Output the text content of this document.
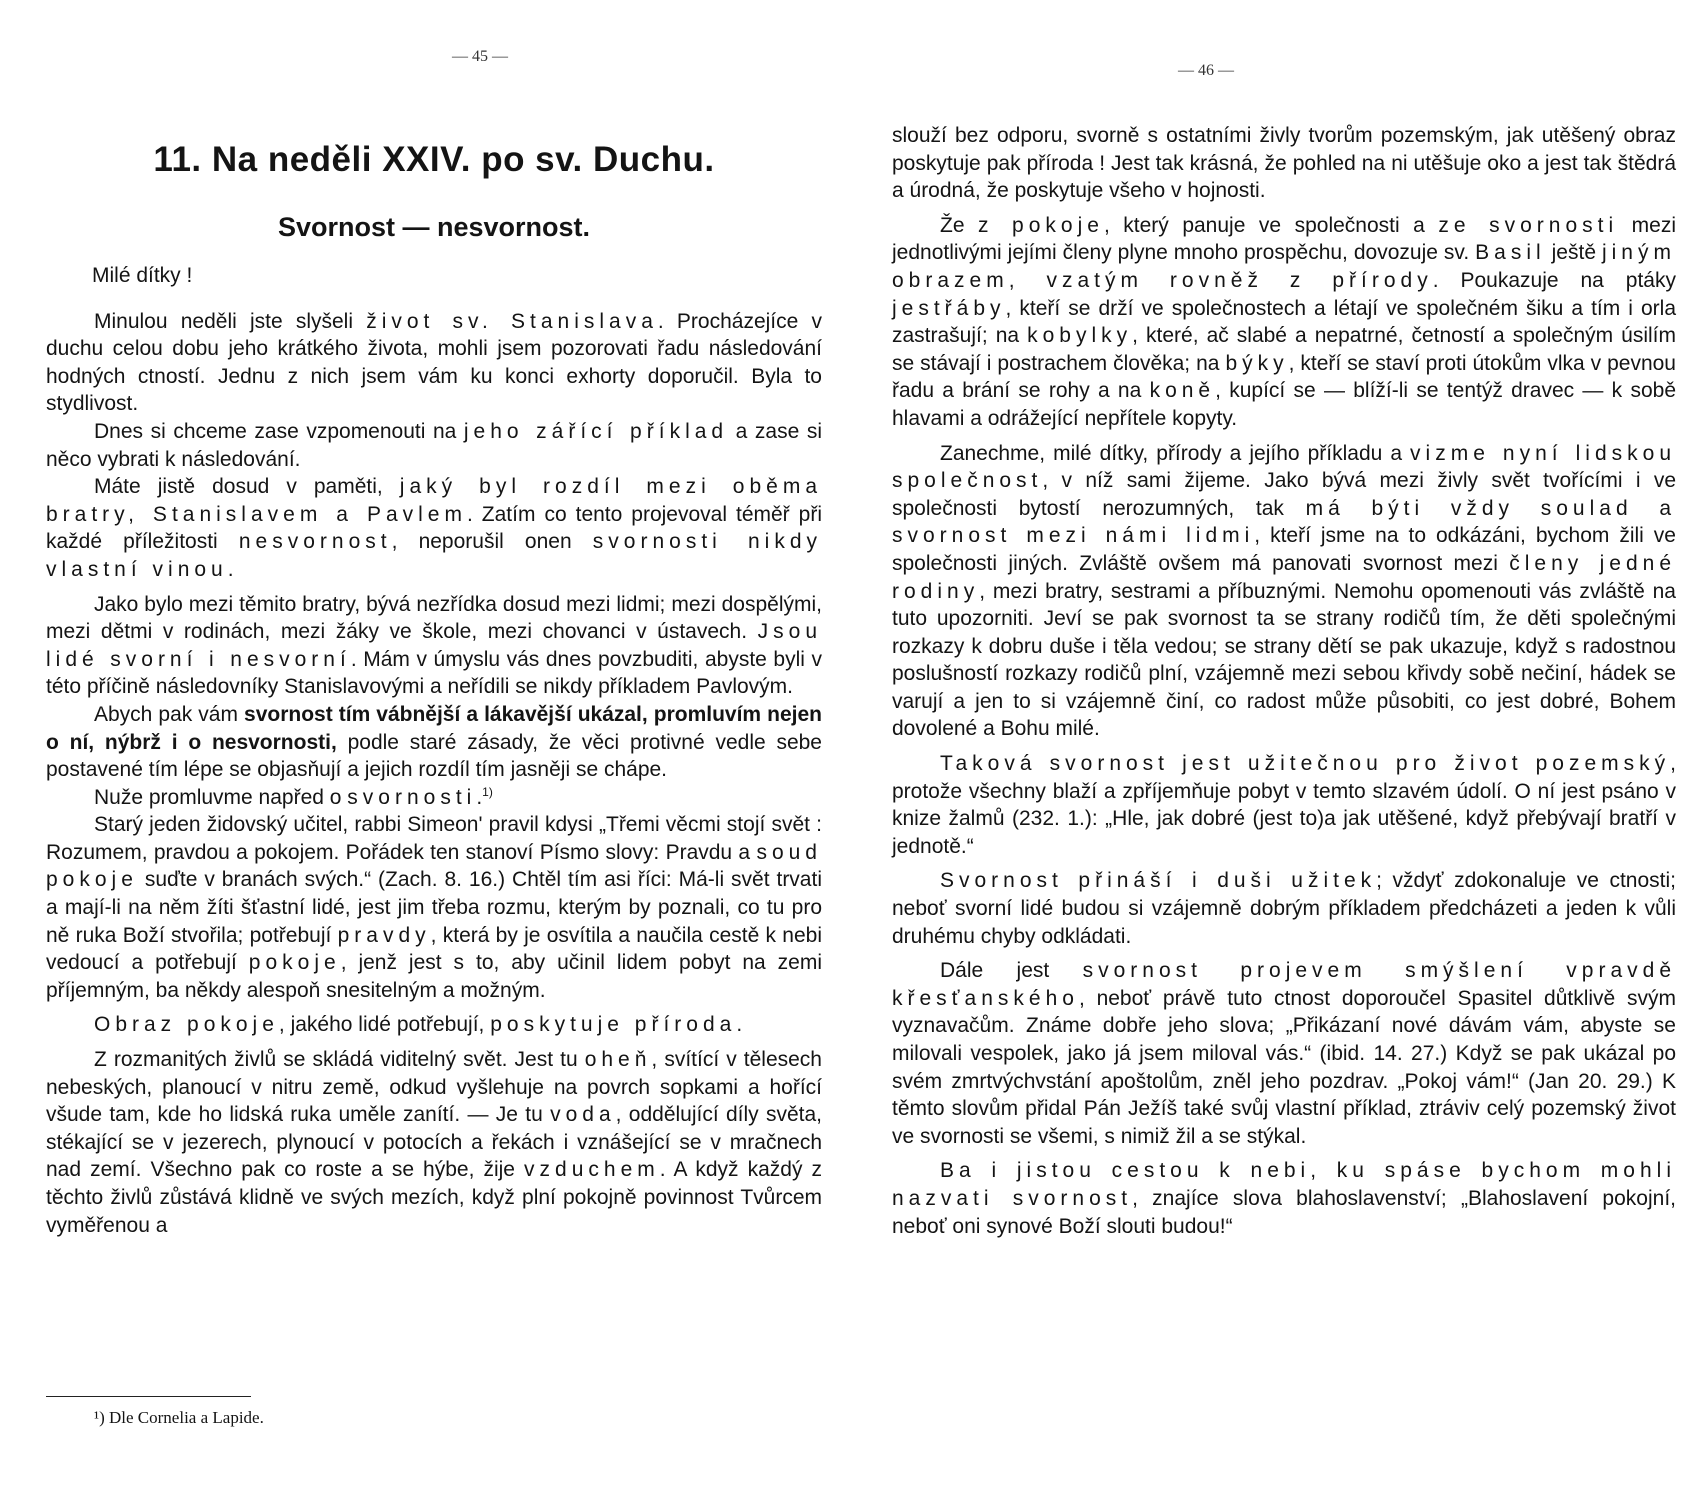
— 45 —
11. Na neděli XXIV. po sv. Duchu.
Svornost — nesvornost.

Milé dítky !

Minulou neděli jste slyšeli život sv. Stanislava. Procházejíce v duchu celou dobu jeho krátkého života, mohli jsem pozorovati řadu následování hodných ctností. Jednu z nich jsem vám ku konci exhorty doporučil. Byla to stydlivost.

Dnes si chceme zase vzpomenouti na jeho zářící příklad a zase si něco vybrati k následování.

Máte jistě dosud v paměti, jaký byl rozdíl mezi oběma bratry, Stanislavem a Pavlem. Zatím co tento projevoval téměř při každé příležitosti nesvornost, neporušil onen svornosti nikdy vlastní vinou.

Jako bylo mezi těmito bratry, bývá nezřídka dosud mezi lidmi; mezi dospělými, mezi dětmi v rodinách, mezi žáky ve škole, mezi chovanci v ústavech. Jsou lidé svorní i nesvorní. Mám v úmyslu vás dnes povzbuditi, abyste byli v této příčině následovníky Stanislavovými a neřídili se nikdy příkladem Pavlovým.

Abych pak vám svornost tím vábnější a lákavější ukázal, promluvím nejen o ní, nýbrž i o nesvornosti, podle staré zásady, že věci protivné vedle sebe postavené tím lépe se objasňují a jejich rozdíl tím jasněji se chápe.

Nuže promluvme napřed o svornosti.$^{1)}$

Starý jeden židovský učitel, rabbi Simeon' pravil kdysi „Třemi věcmi stojí svět : Rozumem, pravdou a pokojem. Pořádek ten stanoví Písmo slovy: Pravdu a soud pokoje suďte v branách svých.“ (Zach. 8. 16.) Chtěl tím asi říci: Má-li svět trvati a mají-li na něm žíti šťastní lidé, jest jim třeba rozmu, kterým by poznali, co tu pro ně ruka Boží stvořila; potřebují pravdy, která by je osvítila a naučila cestě k nebi vedoucí a potřebují pokoje, jenž jest s to, aby učinil lidem pobyt na zemi příjemným, ba někdy alespoň snesitelným a možným.

Obraz pokoje, jakého lidé potřebují, poskytuje příroda.

Z rozmanitých živlů se skládá viditelný svět. Jest tu oheň, svítící v tělesech nebeských, planoucí v nitru země, odkud vyšlehuje na povrch sopkami a hořící všude tam, kde ho lidská ruka uměle zanítí. — Je tu voda, oddělující díly světa, stékající se v jezerech, plynoucí v potocích a řekách i vznášející se v mračnech nad zemí. Všechno pak co roste a se hýbe, žije vzduchem. A když každý z těchto živlů zůstává klidně ve svých mezích, když plní pokojně povinnost Tvůrcem vyměřenou a

¹) Dle Cornelia a Lapide.
— 46 —

slouží bez odporu, svorně s ostatními živly tvorům pozemským, jak utěšený obraz poskytuje pak příroda ! Jest tak krásná, že pohled na ni utěšuje oko a jest tak štědrá a úrodná, že poskytuje všeho v hojnosti.

Že z pokoje, který panuje ve společnosti a ze svornosti mezi jednotlivými jejími členy plyne mnoho prospěchu, dovozuje sv. Basil ještě jiným obrazem, vzatým rovněž z přírody. Poukazuje na ptáky jestřáby, kteří se drží ve společnostech a létají ve společném šiku a tím i orla zastrašují; na kobylky, které, ač slabé a nepatrné, četností a společným úsilím se stávají i postrachem člověka; na býky, kteří se staví proti útokům vlka v pevnou řadu a brání se rohy a na koně, kupící se — blíží-li se tentýž dravec — k sobě hlavami a odrážející nepřítele kopyty.

Zanechme, milé dítky, přírody a jejího příkladu a vizme nyní lidskou společnost, v níž sami žijeme. Jako bývá mezi živly svět tvořícími i ve společnosti bytostí nerozumných, tak má býti vždy soulad a svornost mezi námi lidmi, kteří jsme na to odkázáni, bychom žili ve společnosti jiných. Zvláště ovšem má panovati svornost mezi členy jedné rodiny, mezi bratry, sestrami a příbuznými. Nemohu opomenouti vás zvláště na tuto upozorniti. Jeví se pak svornost ta se strany rodičů tím, že děti společnými rozkazy k dobru duše i těla vedou; se strany dětí se pak ukazuje, když s radostnou poslušností rozkazy rodičů plní, vzájemně mezi sebou křivdy sobě nečiní, hádek se varují a jen to si vzájemně činí, co radost může působiti, co jest dobré, Bohem dovolené a Bohu milé.

Taková svornost jest užitečnou pro život pozemský, protože všechny blaží a zpříjemňuje pobyt v temto slzavém údolí. O ní jest psáno v knize žalmů (232. 1.): „Hle, jak dobré (jest to)a jak utěšené, když přebývají bratří v jednotě.“

Svornost přináší i duši užitek; vždyť zdokonaluje ve ctnosti; neboť svorní lidé budou si vzájemně dobrým příkladem předcházeti a jeden k vůli druhému chyby odkládati.

Dále jest svornost projevem smýšlení vpravdě křesťanského, neboť právě tuto ctnost doporoučel Spasitel důtklivě svým vyznavačům. Známe dobře jeho slova; „Přikázaní nové dávám vám, abyste se milovali vespolek, jako já jsem miloval vás.“ (ibid. 14. 27.) Když se pak ukázal po svém zmrtvýchvstání apoštolům, zněl jeho pozdrav. „Pokoj vám!“ (Jan 20. 29.) K těmto slovům přidal Pán Ježíš také svůj vlastní příklad, ztráviv celý pozemský život ve svornosti se všemi, s nimiž žil a se stýkal.

Ba i jistou cestou k nebi, ku spáse bychom mohli nazvati svornost, znajíce slova blahoslavenství; „Blahoslavení pokojní, neboť oni synové Boží slouti budou!“
